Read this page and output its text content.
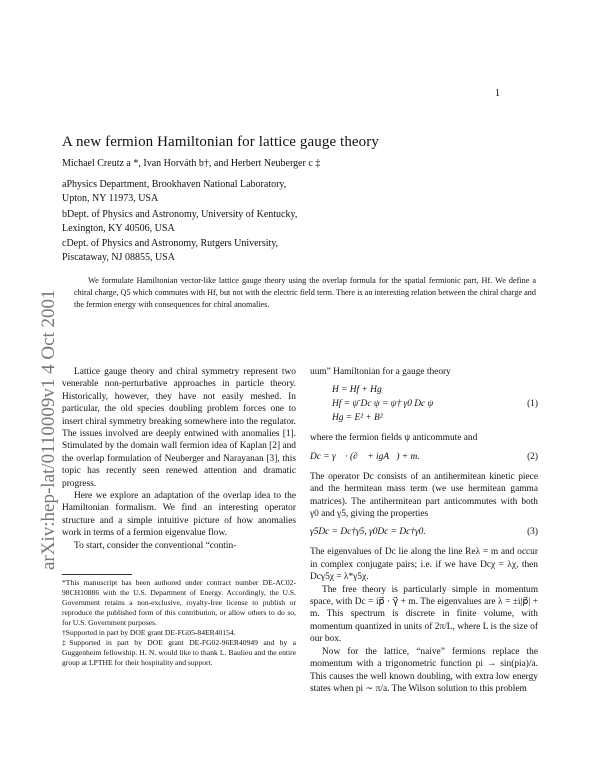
1
arXiv:hep-lat/0110009v1 4 Oct 2001
A new fermion Hamiltonian for lattice gauge theory
Michael Creutz a *, Ivan Horváth b†, and Herbert Neuberger c ‡
aPhysics Department, Brookhaven National Laboratory,
Upton, NY 11973, USA
bDept. of Physics and Astronomy, University of Kentucky,
Lexington, KY 40506, USA
cDept. of Physics and Astronomy, Rutgers University,
Piscataway, NJ 08855, USA
We formulate Hamiltonian vector-like lattice gauge theory using the overlap formula for the spatial fermionic part, Hf. We define a chiral charge, Q5 which commutes with Hf, but not with the electric field term. There is an interesting relation between the chiral charge and the fermion energy with consequences for chiral anomalies.

Lattice gauge theory and chiral symmetry represent two venerable non-perturbative approaches in particle theory. Historically, however, they have not easily meshed. In particular, the old species doubling problem forces one to insert chiral symmetry breaking somewhere into the regulator. The issues involved are deeply entwined with anomalies [1]. Stimulated by the domain wall fermion idea of Kaplan [2] and the overlap formulation of Neuberger and Narayanan [3], this topic has recently seen renewed attention and dramatic progress.

Here we explore an adaptation of the overlap idea to the Hamiltonian formalism. We find an interesting operator structure and a simple intuitive picture of how anomalies work in terms of a fermion eigenvalue flow.

To start, consider the conventional “contin-

*This manuscript has been authored under contract number DE-AC02-98CH10886 with the U.S. Department of Energy. Accordingly, the U.S. Government retains a non-exclusive, royalty-free license to publish or reproduce the published form of this contribution, or allow others to do so, for U.S. Government purposes.

†Supported in part by DOE grant DE-FG05-84ER40154.

‡Supported in part by DOE grant DE-FG02-96ER40949 and by a Guggenheim fellowship. H. N. would like to thank L. Baulieu and the entire group at LPTHE for their hospitality and support.

uum” Hamiltonian for a gauge theory

H = Hf + Hg
Hf = ψ̄ Dc ψ = ψ† γ0 Dc ψ	(1)
Hg = E² + B²

where the fermion fields ψ anticommute and

Dc = γ⃗ · (∂⃗ + igA⃗) + m.	(2)

The operator Dc consists of an antihermitean kinetic piece and the hermitean mass term (we use hermitean gamma matrices). The antihermitean part anticommutes with both γ0 and γ5, giving the properties

γ5Dc = Dc†γ5, γ0Dc = Dc†γ0.	(3)

The eigenvalues of Dc lie along the line Reλ = m and occur in complex conjugate pairs; i.e. if we have Dcχ = λχ, then Dcγ5χ = λ*γ5χ.

The free theory is particularly simple in momentum space, with Dc = ip⃗ · γ⃗ + m. The eigenvalues are λ = ±i|p⃗| + m. This spectrum is discrete in finite volume, with momentum quantized in units of 2π/L, where L is the size of our box.

Now for the lattice, “naive” fermions replace the momentum with a trigonometric function pi → sin(pia)/a. This causes the well known doubling, with extra low energy states when pi ∼ π/a. The Wilson solution to this problem
